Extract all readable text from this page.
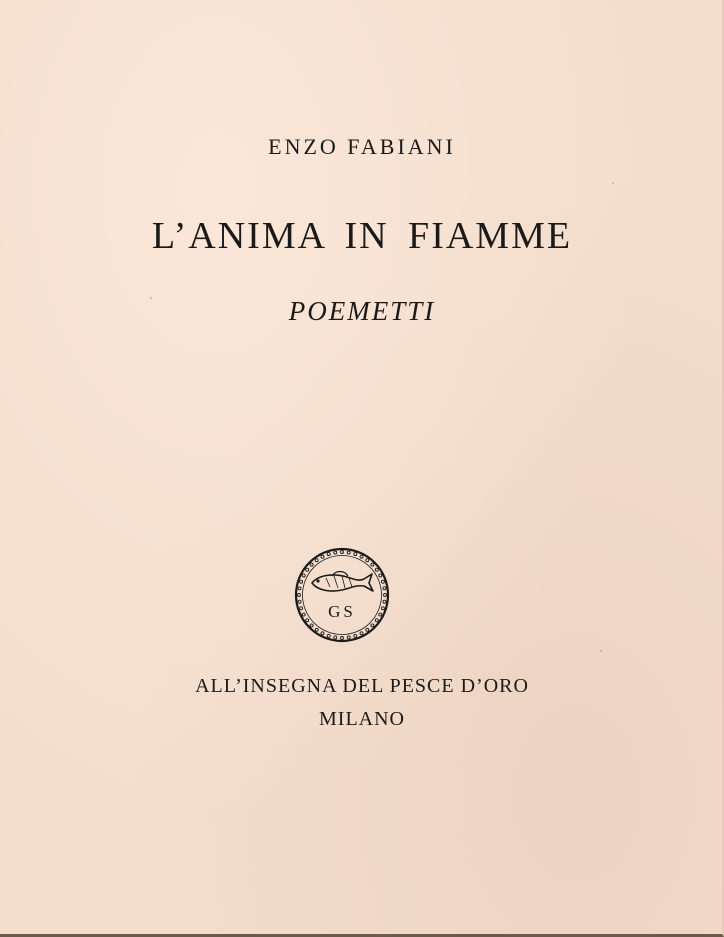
ENZO FABIANI
L’ANIMA IN FIAMME
POEMETTI
GS
ALL’INSEGNA DEL PESCE D’ORO
MILANO
